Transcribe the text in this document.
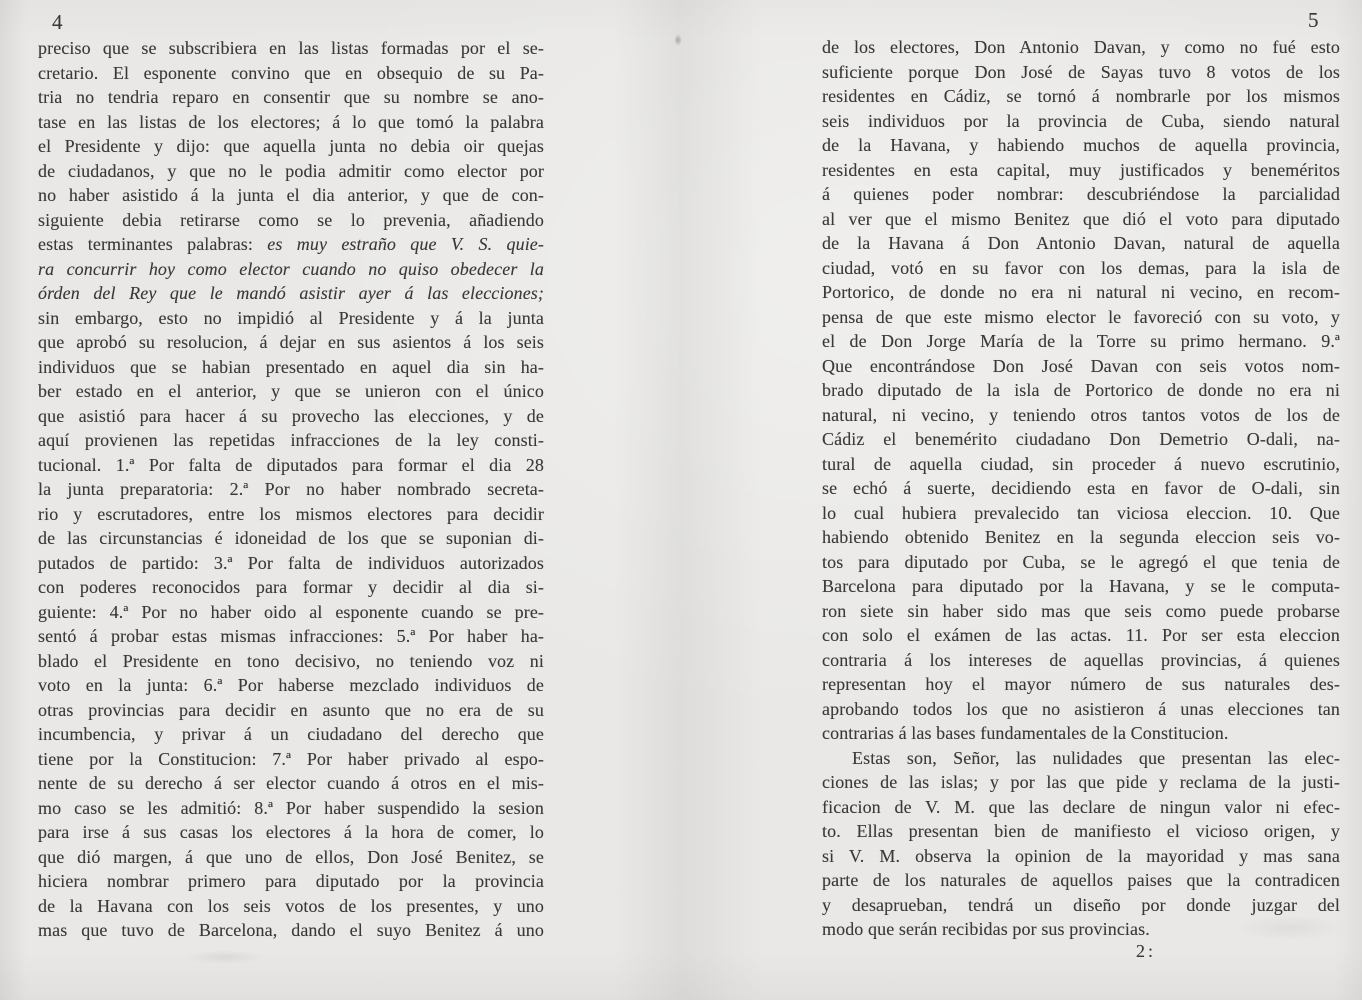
4
preciso que se subscribiera en las listas formadas por el se-
cretario. El esponente convino que en obsequio de su Pa-
tria no tendria reparo en consentir que su nombre se ano-
tase en las listas de los electores; á lo que tomó la palabra
el Presidente y dijo: que aquella junta no debia oir quejas
de ciudadanos, y que no le podia admitir como elector por
no haber asistido á la junta el dia anterior, y que de con-
siguiente debia retirarse como se lo prevenia, añadiendo
estas terminantes palabras: es muy estraño que V. S. quie-
ra concurrir hoy como elector cuando no quiso obedecer la
órden del Rey que le mandó asistir ayer á las elecciones;
sin embargo, esto no impidió al Presidente y á la junta
que aprobó su resolucion, á dejar en sus asientos á los seis
individuos que se habian presentado en aquel dia sin ha-
ber estado en el anterior, y que se unieron con el único
que asistió para hacer á su provecho las elecciones, y de
aquí provienen las repetidas infracciones de la ley consti-
tucional. 1.ª Por falta de diputados para formar el dia 28
la junta preparatoria: 2.ª Por no haber nombrado secreta-
rio y escrutadores, entre los mismos electores para decidir
de las circunstancias é idoneidad de los que se suponian di-
putados de partido: 3.ª Por falta de individuos autorizados
con poderes reconocidos para formar y decidir al dia si-
guiente: 4.ª Por no haber oido al esponente cuando se pre-
sentó á probar estas mismas infracciones: 5.ª Por haber ha-
blado el Presidente en tono decisivo, no teniendo voz ni
voto en la junta: 6.ª Por haberse mezclado individuos de
otras provincias para decidir en asunto que no era de su
incumbencia, y privar á un ciudadano del derecho que
tiene por la Constitucion: 7.ª Por haber privado al espo-
nente de su derecho á ser elector cuando á otros en el mis-
mo caso se les admitió: 8.ª Por haber suspendido la sesion
para irse á sus casas los electores á la hora de comer, lo
que dió margen, á que uno de ellos, Don José Benitez, se
hiciera nombrar primero para diputado por la provincia
de la Havana con los seis votos de los presentes, y uno
mas que tuvo de Barcelona, dando el suyo Benitez á uno
5
de los electores, Don Antonio Davan, y como no fué esto
suficiente porque Don José de Sayas tuvo 8 votos de los
residentes en Cádiz, se tornó á nombrarle por los mismos
seis individuos por la provincia de Cuba, siendo natural
de la Havana, y habiendo muchos de aquella provincia,
residentes en esta capital, muy justificados y beneméritos
á quienes poder nombrar: descubriéndose la parcialidad
al ver que el mismo Benitez que dió el voto para diputado
de la Havana á Don Antonio Davan, natural de aquella
ciudad, votó en su favor con los demas, para la isla de
Portorico, de donde no era ni natural ni vecino, en recom-
pensa de que este mismo elector le favoreció con su voto, y
el de Don Jorge María de la Torre su primo hermano. 9.ª
Que encontrándose Don José Davan con seis votos nom-
brado diputado de la isla de Portorico de donde no era ni
natural, ni vecino, y teniendo otros tantos votos de los de
Cádiz el benemérito ciudadano Don Demetrio O-dali, na-
tural de aquella ciudad, sin proceder á nuevo escrutinio,
se echó á suerte, decidiendo esta en favor de O-dali, sin
lo cual hubiera prevalecido tan viciosa eleccion. 10. Que
habiendo obtenido Benitez en la segunda eleccion seis vo-
tos para diputado por Cuba, se le agregó el que tenia de
Barcelona para diputado por la Havana, y se le computa-
ron siete sin haber sido mas que seis como puede probarse
con solo el exámen de las actas. 11. Por ser esta eleccion
contraria á los intereses de aquellas provincias, á quienes
representan hoy el mayor número de sus naturales des-
aprobando todos los que no asistieron á unas elecciones tan
contrarias á las bases fundamentales de la Constitucion.
Estas son, Señor, las nulidades que presentan las elec-
ciones de las islas; y por las que pide y reclama de la justi-
ficacion de V. M. que las declare de ningun valor ni efec-
to. Ellas presentan bien de manifiesto el vicioso origen, y
si V. M. observa la opinion de la mayoridad y mas sana
parte de los naturales de aquellos paises que la contradicen
y desaprueban, tendrá un diseño por donde juzgar del
modo que serán recibidas por sus provincias.
2:
